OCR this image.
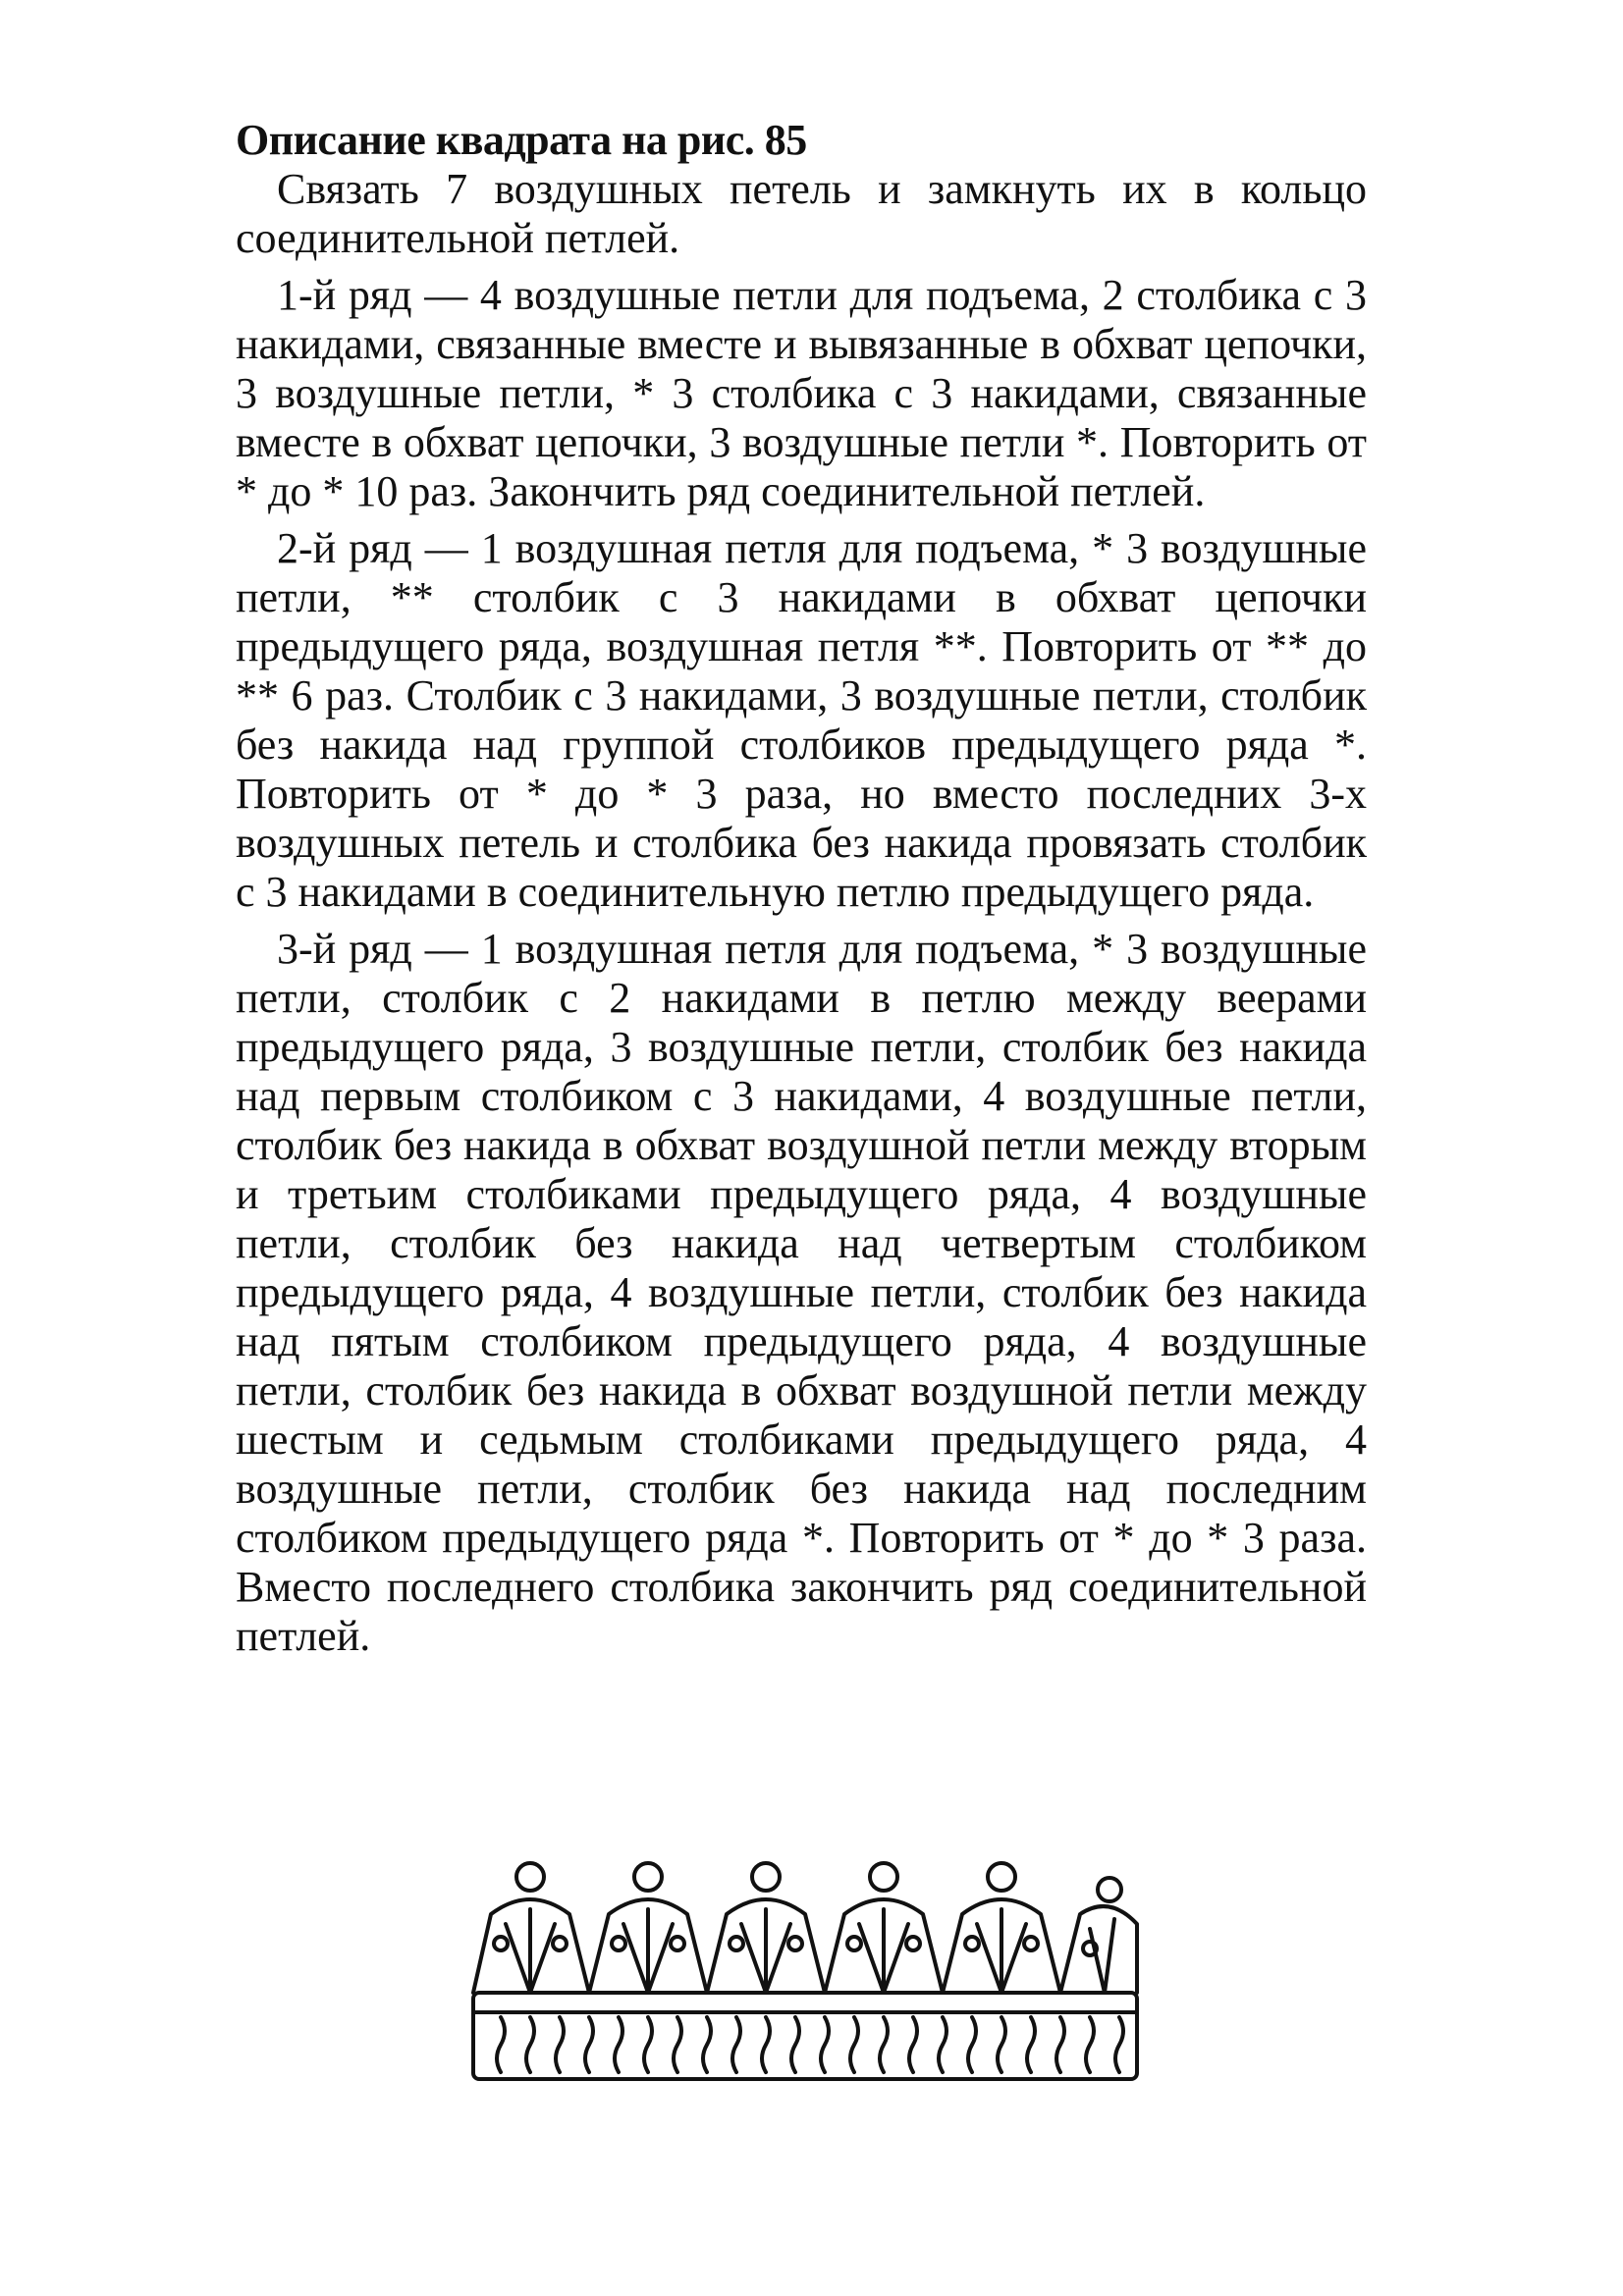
Описание квадрата на рис. 85

Связать 7 воздушных петель и замкнуть их в кольцо соединительной петлей.

1-й ряд — 4 воздушные петли для подъема, 2 столбика с 3 накидами, связанные вместе и вывязанные в обхват цепочки, 3 воздушные петли, * 3 столбика с 3 накидами, связанные вместе в обхват цепочки, 3 воздушные петли *. Повторить от * до * 10 раз. Закончить ряд соединительной петлей.

2-й ряд — 1 воздушная петля для подъема, * 3 воздушные петли, ** столбик с 3 накидами в обхват цепочки предыдущего ряда, воздушная петля **. Повторить от ** до ** 6 раз. Столбик с 3 накидами, 3 воздушные петли, столбик без накида над группой столбиков предыдущего ряда *. Повторить от * до * 3 раза, но вместо последних 3-х воздушных петель и столбика без накида провязать столбик с 3 накидами в соединительную петлю предыдущего ряда.

3-й ряд — 1 воздушная петля для подъема, * 3 воздушные петли, столбик с 2 накидами в петлю между веерами предыдущего ряда, 3 воздушные петли, столбик без накида над первым столбиком с 3 накидами, 4 воздушные петли, столбик без накида в обхват воздушной петли между вторым и третьим столбиками предыдущего ряда, 4 воздушные петли, столбик без накида над четвертым столбиком предыдущего ряда, 4 воздушные петли, столбик без накида над пятым столбиком предыдущего ряда, 4 воздушные петли, столбик без накида в обхват воздушной петли между шестым и седьмым столбиками предыдущего ряда, 4 воздушные петли, столбик без накида над последним столбиком предыдущего ряда *. Повторить от * до * 3 раза. Вместо последнего столбика закончить ряд соединительной петлей.
